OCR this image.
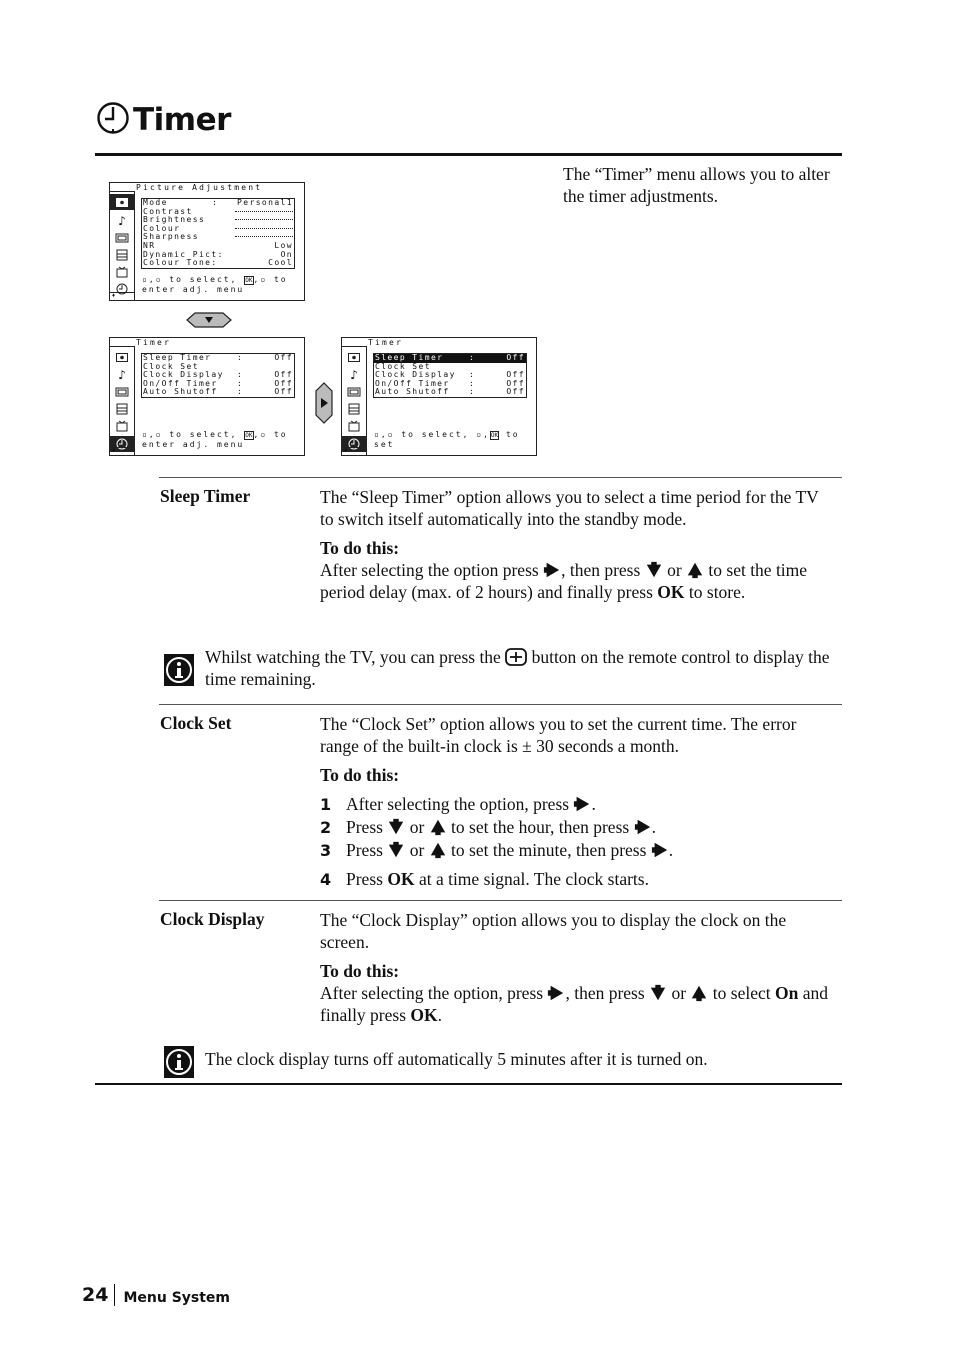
Timer
The “Timer” menu allows you to alter the timer adjustments.
Picture Adjustment
♪
♦
Mode	: Personal1
Contrast
Brightness
Colour
Sharpness
NR	Low
Dynamic Pict:	On
Colour Tone:	Cool
▫,▫ to select, OK,▫ to
enter adj. menu
Timer
♪
♦
Sleep Timer	:	Off
Clock Set
Clock Display :	Off
On/Off Timer :	Off
Auto Shutoff :	Off
▫,▫ to select, OK,▫ to
enter adj. menu
Timer
♪
♦
Sleep Timer	:	Off
Clock Set
Clock Display :	Off
On/Off Timer :	Off
Auto Shutoff :	Off
▫,▫ to select, ▫,OK to
set
Sleep Timer	The “Sleep Timer” option allows you to select a time period for the TV to switch itself automatically into the standby mode.
To do this:
After selecting the option press , then press or to set the time period delay (max. of 2 hours) and finally press OK to store.
Whilst watching the TV, you can press the button on the remote control to display the time remaining.
Clock Set	The “Clock Set” option allows you to set the current time. The error range of the built-in clock is ± 30 seconds a month.
To do this:
1 After selecting the option, press .
2 Press or to set the hour, then press .
3 Press or to set the minute, then press .
4 Press OK at a time signal. The clock starts.
Clock Display	The “Clock Display” option allows you to display the clock on the screen.
To do this:
After selecting the option, press , then press or to select On and finally press OK.
The clock display turns off automatically 5 minutes after it is turned on.
24 Menu System
